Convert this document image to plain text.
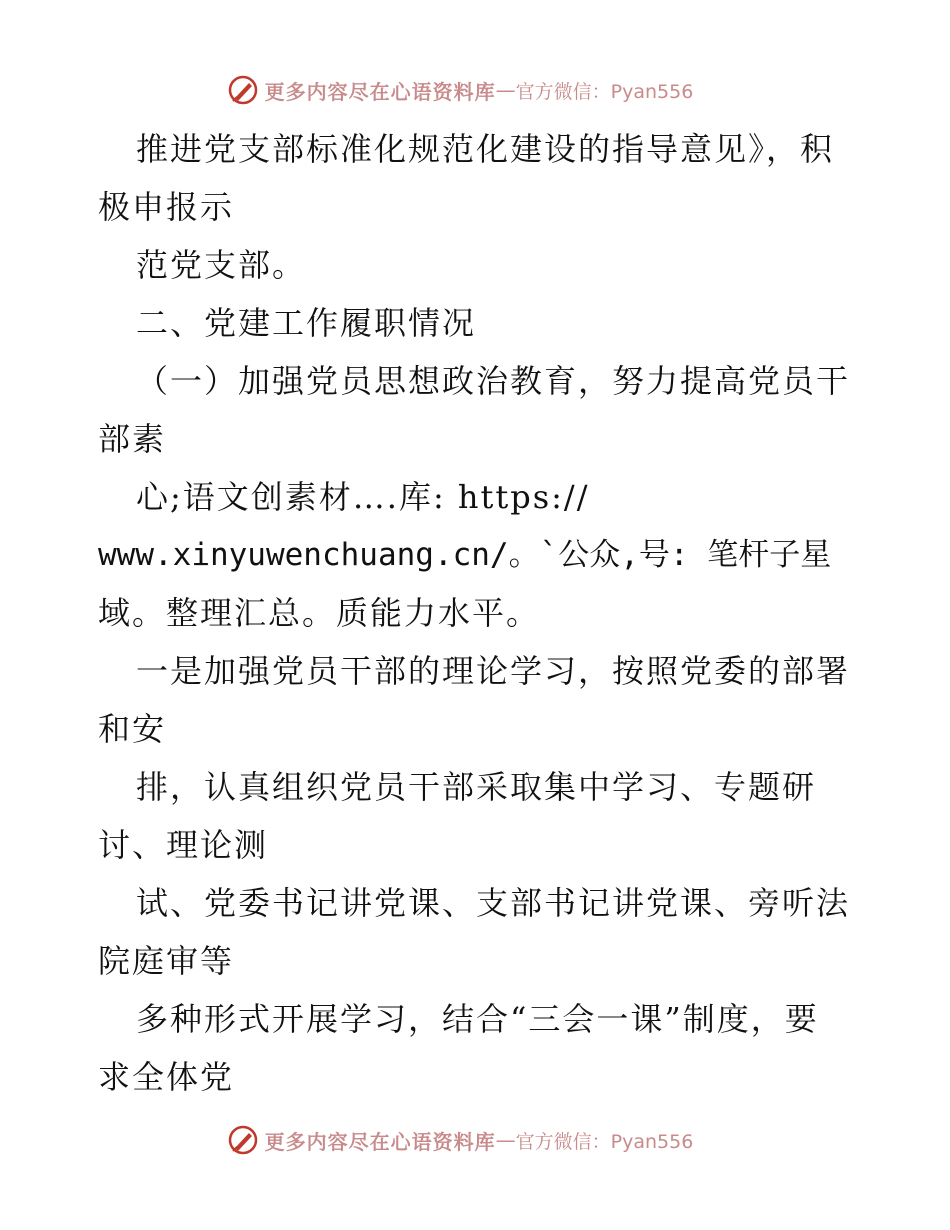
更多内容尽在心语资料库 — 官方微信：Pyan556
推进党支部标准化规范化建设的指导意见》，积
极申报示
范党支部。
二、党建工作履职情况
（一）加强党员思想政治教育，努力提高党员干
部素
心;语文创素材….库: https://
www.xinyuwenchuang.cn/。`公众,号: 笔杆子星
域。整理汇总。质能力水平。
一是加强党员干部的理论学习，按照党委的部署
和安
排，认真组织党员干部采取集中学习、专题研
讨、理论测
试、党委书记讲党课、支部书记讲党课、旁听法
院庭审等
多种形式开展学习，结合“三会一课”制度，要
求全体党
更多内容尽在心语资料库 — 官方微信：Pyan556
